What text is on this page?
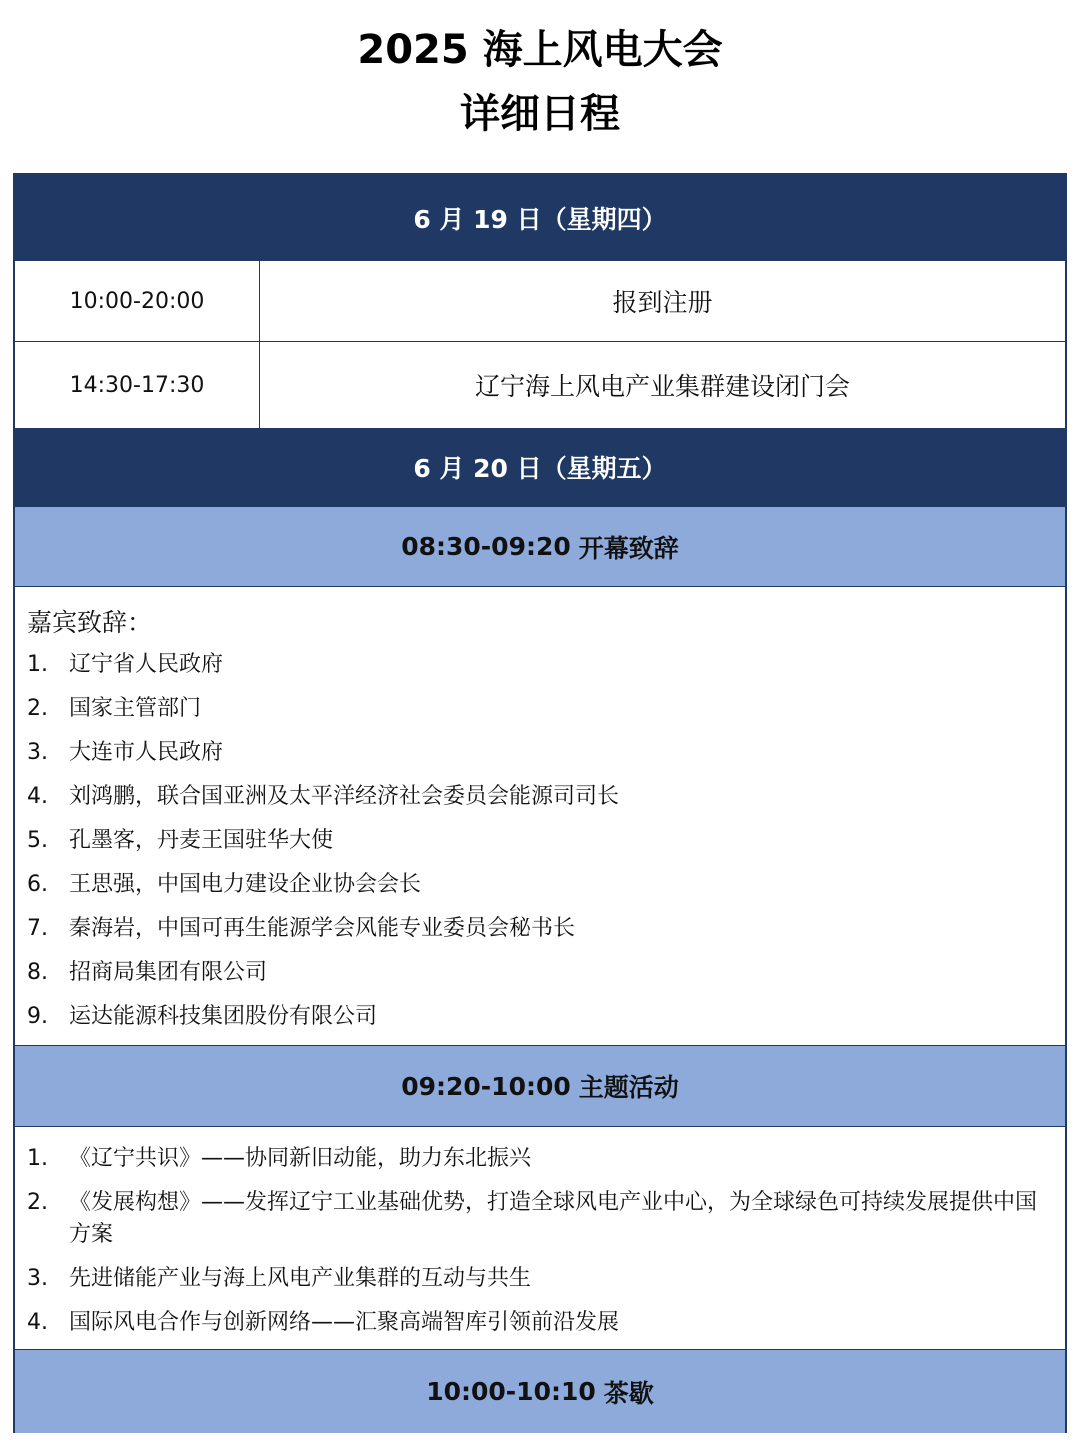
2025 海上风电大会
详细日程
6 月 19 日（星期四）
10:00-20:00	报到注册
14:30-17:30	辽宁海上风电产业集群建设闭门会
6 月 20 日（星期五）
08:30-09:20 开幕致辞
嘉宾致辞：
1. 辽宁省人民政府
2. 国家主管部门
3. 大连市人民政府
4. 刘鸿鹏，联合国亚洲及太平洋经济社会委员会能源司司长
5. 孔墨客，丹麦王国驻华大使
6. 王思强，中国电力建设企业协会会长
7. 秦海岩，中国可再生能源学会风能专业委员会秘书长
8. 招商局集团有限公司
9. 运达能源科技集团股份有限公司
09:20-10:00 主题活动
1. 《辽宁共识》——协同新旧动能，助力东北振兴
2. 《发展构想》——发挥辽宁工业基础优势，打造全球风电产业中心，为全球绿色可持续发展提供中国方案
3. 先进储能产业与海上风电产业集群的互动与共生
4. 国际风电合作与创新网络——汇聚高端智库引领前沿发展
10:00-10:10 茶歇
